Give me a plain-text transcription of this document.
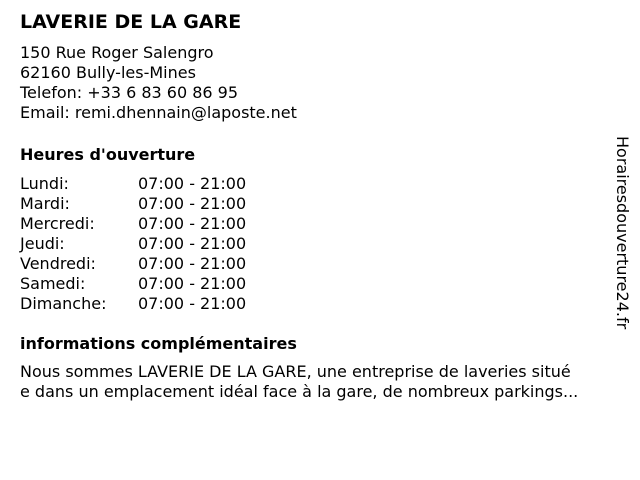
LAVERIE DE LA GARE
150 Rue Roger Salengro
62160 Bully-les-Mines
Telefon: +33 6 83 60 86 95
Email: remi.dhennain@laposte.net
Heures d'ouverture
Lundi:	07:00 - 21:00
Mardi:	07:00 - 21:00
Mercredi:	07:00 - 21:00
Jeudi:	07:00 - 21:00
Vendredi:	07:00 - 21:00
Samedi:	07:00 - 21:00
Dimanche:	07:00 - 21:00
informations complémentaires
Nous sommes LAVERIE DE LA GARE, une entreprise de laveries situé
e dans un emplacement idéal face à la gare, de nombreux parkings...
Horairesdouverture24.fr
